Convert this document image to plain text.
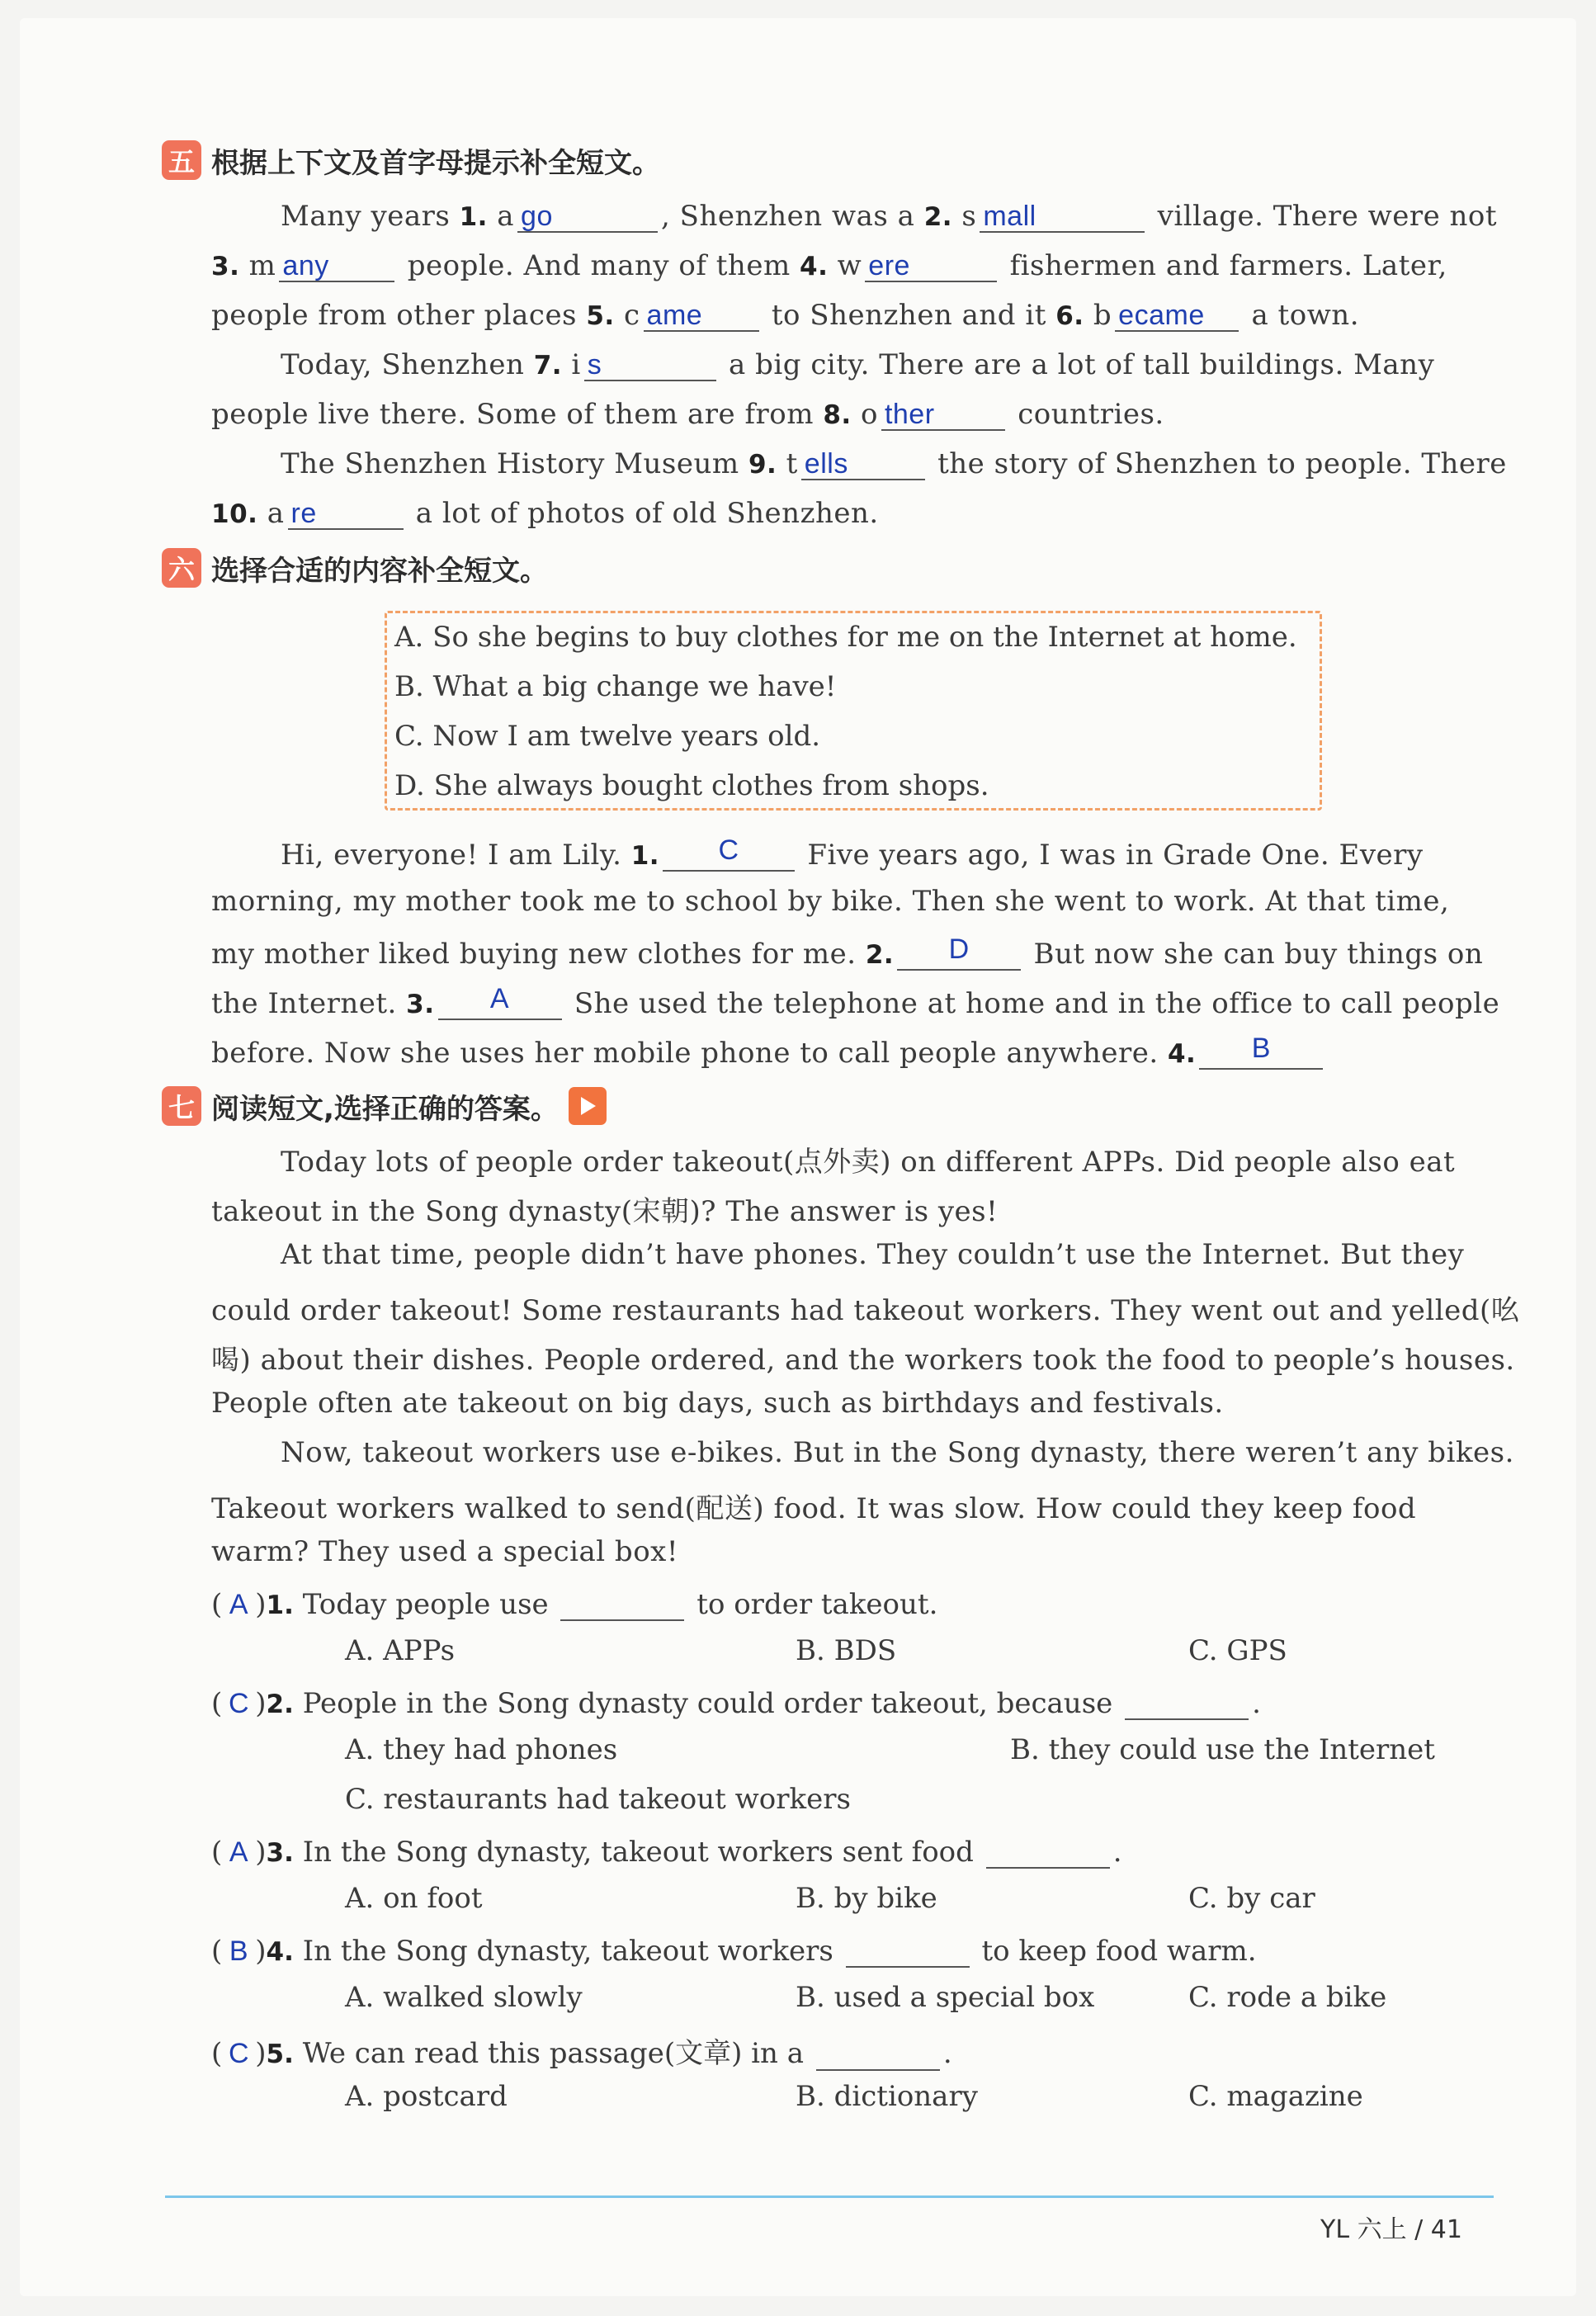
五 根据上下文及首字母提示补全短文。
Many years 1. a go	, Shenzhen was a 2. s mall	village. There were not
3. m any people. And many of them 4. w ere	fishermen and farmers. Later,
people from other places 5. c ame to Shenzhen and it 6. b ecame a town.
Today, Shenzhen 7. i s	a big city. There are a lot of tall buildings. Many
people live there. Some of them are from 8. o ther	countries.
The Shenzhen History Museum 9. t ells	the story of Shenzhen to people. There
10. a re	a lot of photos of old Shenzhen.
六 选择合适的内容补全短文。
A. So she begins to buy clothes for me on the Internet at home.
B. What a big change we have!
C. Now I am twelve years old.
D. She always bought clothes from shops.
Hi, everyone! I am Lily. 1.	C	Five years ago, I was in Grade One. Every
morning, my mother took me to school by bike. Then she went to work. At that time,
my mother liked buying new clothes for me. 2.	D	But now she can buy things on
the Internet. 3.	A	She used the telephone at home and in the office to call people
before. Now she uses her mobile phone to call people anywhere. 4.	B
七 阅读短文,选择正确的答案。
Today lots of people order takeout(点外卖) on different APPs. Did people also eat
takeout in the Song dynasty(宋朝)? The answer is yes!
At that time, people didn’t have phones. They couldn’t use the Internet. But they
could order takeout! Some restaurants had takeout workers. They went out and yelled(吆
喝) about their dishes. People ordered, and the workers took the food to people’s houses.
People often ate takeout on big days, such as birthdays and festivals.
Now, takeout workers use e-bikes. But in the Song dynasty, there weren’t any bikes.
Takeout workers walked to send(配送) food. It was slow. How could they keep food
warm? They used a special box!
( A )1. Today people use	to order takeout.
A. APPs	B. BDS	C. GPS
( C )2. People in the Song dynasty could order takeout, because	.
A. they had phones	B. they could use the Internet
C. restaurants had takeout workers
( A )3. In the Song dynasty, takeout workers sent food	.
A. on foot	B. by bike	C. by car
( B )4. In the Song dynasty, takeout workers	to keep food warm.
A. walked slowly	B. used a special box	C. rode a bike
( C )5. We can read this passage(文章) in a	.
A. postcard	B. dictionary	C. magazine
YL 六上 / 41
